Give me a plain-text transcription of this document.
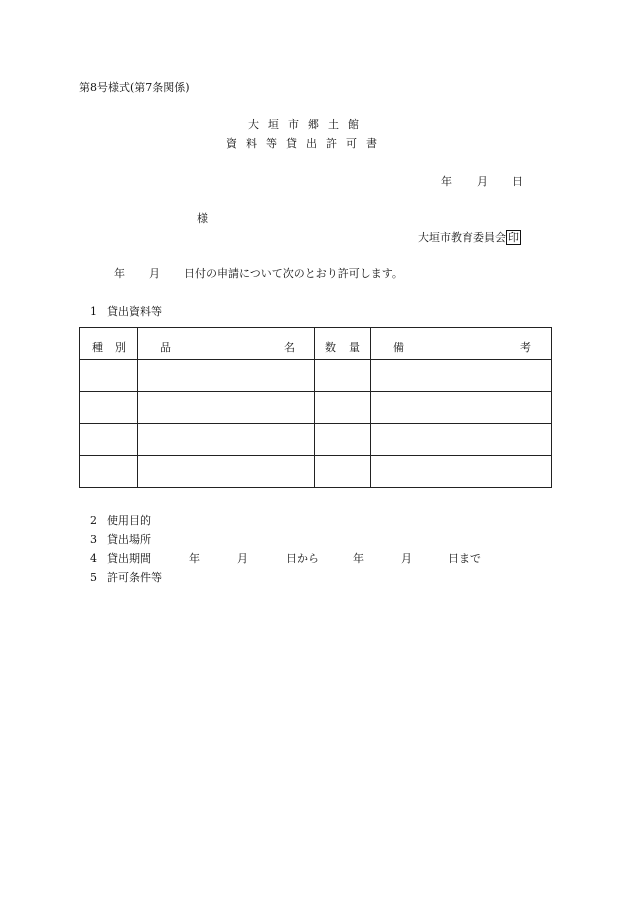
第8号様式(第7条関係)
大垣市郷土館
資料等貸出許可書
年 月 日
様
大垣市教育委員会 印
年 月 日付の申請について次のとおり許可します。
1 貸出資料等
種 別	品 名	数 量	備 考

2 使用目的
3 貸出場所
4 貸出期間	年	月	日から	年	月	日まで
5 許可条件等
